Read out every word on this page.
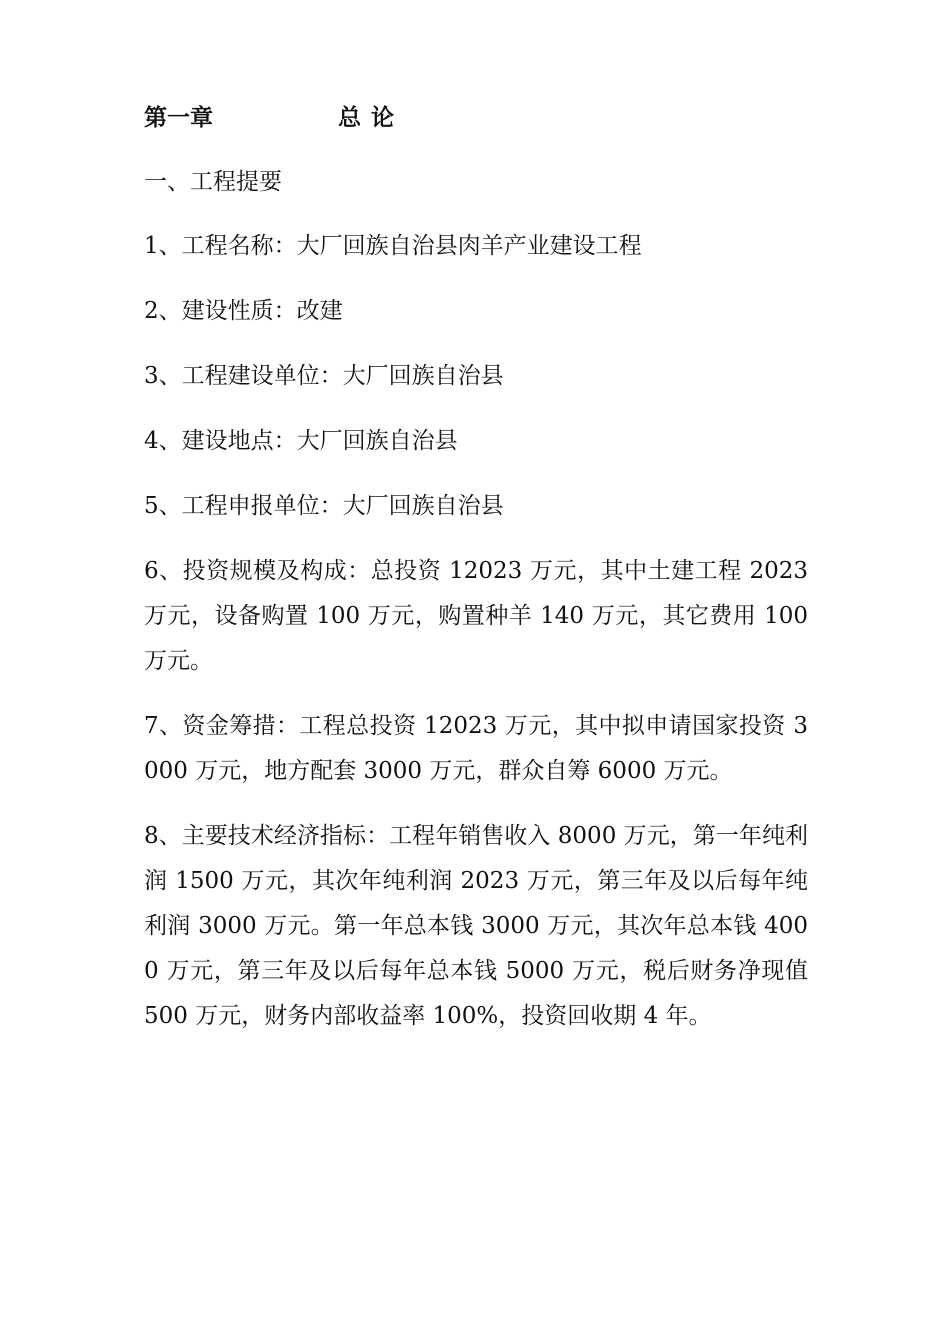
第一章	总论
一、工程提要

1、工程名称：大厂回族自治县肉羊产业建设工程

2、建设性质：改建

3、工程建设单位：大厂回族自治县

4、建设地点：大厂回族自治县

5、工程申报单位：大厂回族自治县

6、投资规模及构成：总投资 12023 万元，其中土建工程 2023 万元，设备购置 100 万元，购置种羊 140 万元，其它费用 100 万元。

7、资金筹措：工程总投资 12023 万元，其中拟申请国家投资 3000 万元，地方配套 3000 万元，群众自筹 6000 万元。

8、主要技术经济指标：工程年销售收入 8000 万元，第一年纯利润 1500 万元，其次年纯利润 2023 万元，第三年及以后每年纯利润 3000 万元。第一年总本钱 3000 万元，其次年总本钱 4000 万元，第三年及以后每年总本钱 5000 万元，税后财务净现值 500 万元，财务内部收益率 100%，投资回收期 4 年。
